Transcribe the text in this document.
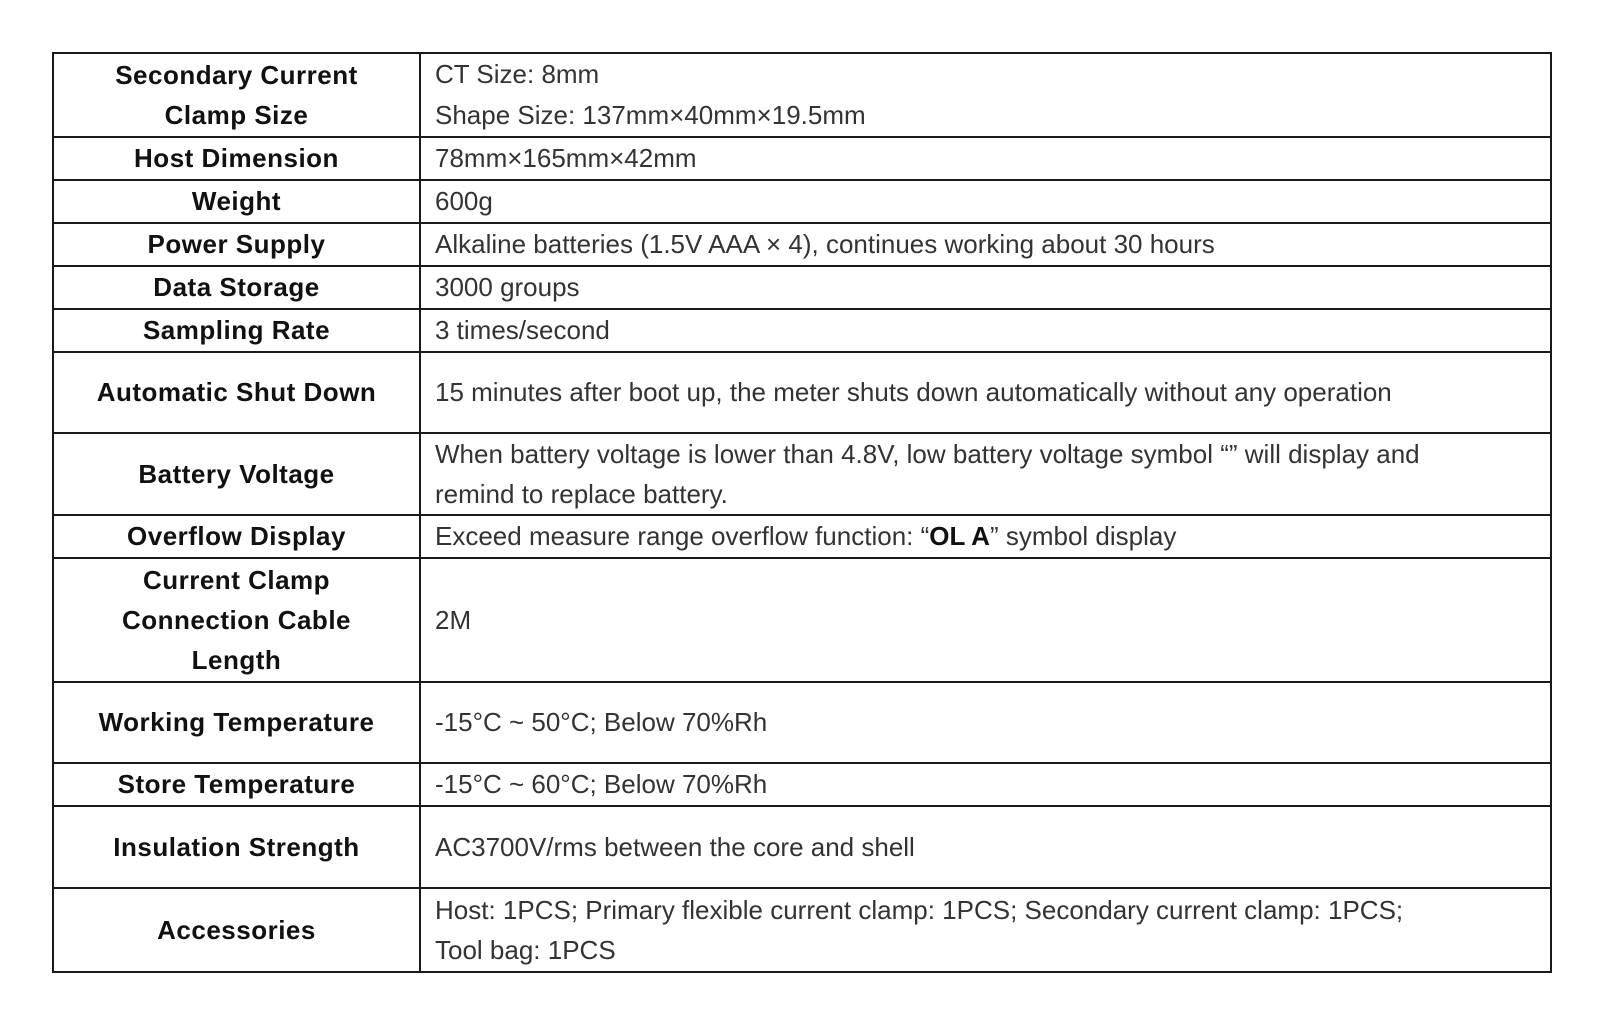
Secondary Current Clamp Size	CT Size: 8mm
Shape Size: 137mm×40mm×19.5mm

Host Dimension	78mm×165mm×42mm
Weight	600g
Power Supply	Alkaline batteries (1.5V AAA × 4), continues working about 30 hours
Data Storage	3000 groups
Sampling Rate	3 times/second
Automatic Shut Down	15 minutes after boot up, the meter shuts down automatically without any operation
Battery Voltage	When battery voltage is lower than 4.8V, low battery voltage symbol “” will display and
remind to replace battery.

Overflow Display	Exceed measure range overflow function: “OL A” symbol display
Current Clamp Connection Cable Length	2M
Working Temperature	-15°C ~ 50°C; Below 70%Rh
Store Temperature	-15°C ~ 60°C; Below 70%Rh
Insulation Strength	AC3700V/rms between the core and shell
Accessories	Host: 1PCS; Primary flexible current clamp: 1PCS; Secondary current clamp: 1PCS;
Tool bag: 1PCS
